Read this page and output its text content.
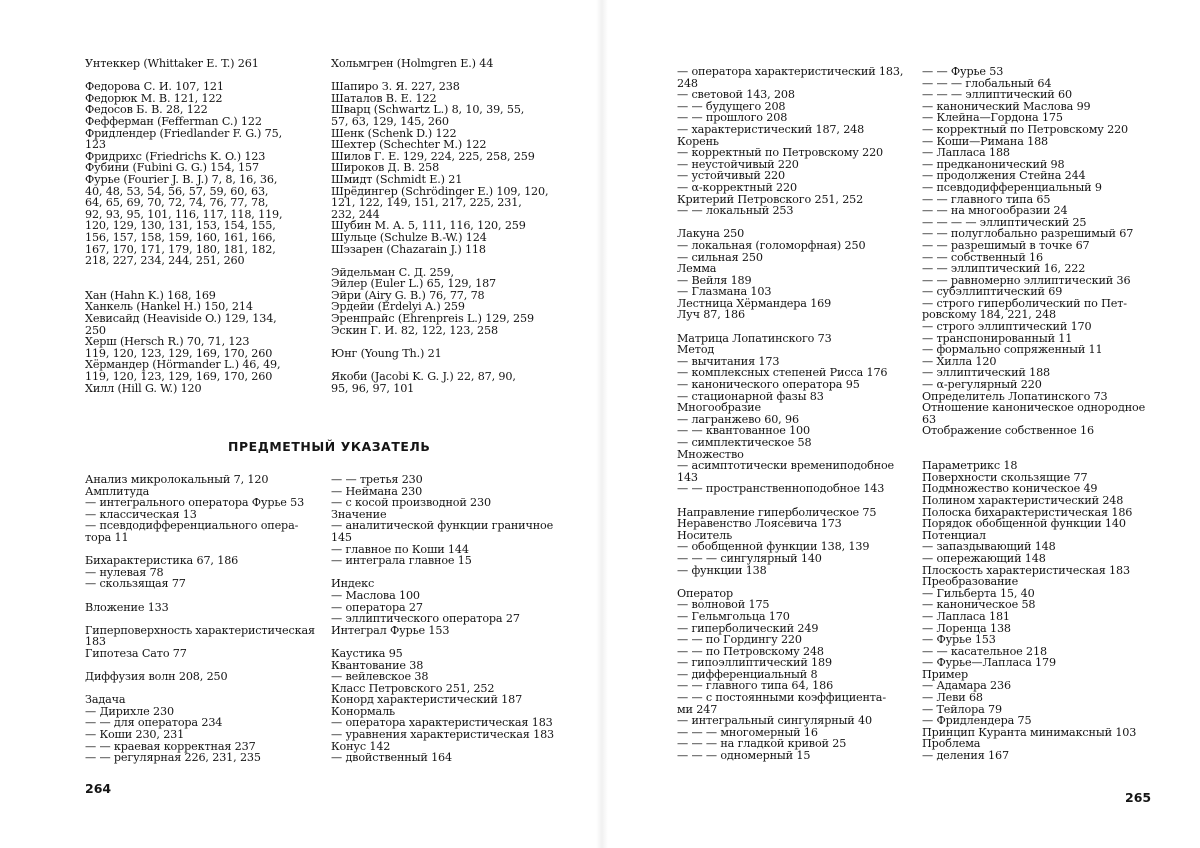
Унтеккер (Whittaker E. T.) 261
Федорова С. И. 107, 121
Федорюк М. В. 121, 122
Федосов Б. В. 28, 122
Фефферман (Fefferman C.) 122
Фридлендер (Friedlander F. G.) 75,
123
Фридрихс (Friedrichs K. O.) 123
Фубини (Fubini G. G.) 154, 157
Фурье (Fourier J. B. J.) 7, 8, 16, 36,
40, 48, 53, 54, 56, 57, 59, 60, 63,
64, 65, 69, 70, 72, 74, 76, 77, 78,
92, 93, 95, 101, 116, 117, 118, 119,
120, 129, 130, 131, 153, 154, 155,
156, 157, 158, 159, 160, 161, 166,
167, 170, 171, 179, 180, 181, 182,
218, 227, 234, 244, 251, 260
Хан (Hahn K.) 168, 169
Ханкель (Hankel H.) 150, 214
Хевисайд (Heaviside O.) 129, 134,
250
Херш (Hersch R.) 70, 71, 123
119, 120, 123, 129, 169, 170, 260
Хёрмандер (Hörmander L.) 46, 49,
119, 120, 123, 129, 169, 170, 260
Хилл (Hill G. W.) 120
Хольмгрен (Holmgren E.) 44
Шапиро З. Я. 227, 238
Шаталов В. Е. 122
Шварц (Schwartz L.) 8, 10, 39, 55,
57, 63, 129, 145, 260
Шенк (Schenk D.) 122
Шехтер (Schechter M.) 122
Шилов Г. Е. 129, 224, 225, 258, 259
Широков Д. В. 258
Шмидт (Schmidt E.) 21
Шрёдингер (Schrödinger E.) 109, 120,
121, 122, 149, 151, 217, 225, 231,
232, 244
Шубин М. А. 5, 111, 116, 120, 259
Шульце (Schulze B.-W.) 124
Шэзарен (Chazarain J.) 118
Эйдельман С. Д. 259,
Эйлер (Euler L.) 65, 129, 187
Эйри (Airy G. B.) 76, 77, 78
Эрдейи (Erdelyi A.) 259
Эренпрайс (Ehrenpreis L.) 129, 259
Эскин Г. И. 82, 122, 123, 258
Юнг (Young Th.) 21
Якоби (Jacobi K. G. J.) 22, 87, 90,
95, 96, 97, 101
ПРЕДМЕТНЫЙ УКАЗАТЕЛЬ
Анализ микролокальный 7, 120
Амплитуда
— интегрального оператора Фурье 53
— классическая 13
— псевдодифференциального опера-
тора 11
Бихарактеристика 67, 186
— нулевая 78
— скользящая 77
Вложение 133
Гиперповерхность характеристическая
183
Гипотеза Сато 77
Диффузия волн 208, 250
Задача
— Дирихле 230
— — для оператора 234
— Коши 230, 231
— — краевая корректная 237
— — регулярная 226, 231, 235
— — третья 230
— Неймана 230
— с косой производной 230
Значение
— аналитической функции граничное
145
— главное по Коши 144
— интеграла главное 15
Индекс
— Маслова 100
— оператора 27
— эллиптического оператора 27
Интеграл Фурье 153
Каустика 95
Квантование 38
— вейлевское 38
Класс Петровского 251, 252
Конорд характеристический 187
Конормаль
— оператора характеристическая 183
— уравнения характеристическая 183
Конус 142
— двойственный 164
264
— оператора характеристический 183,
248
— световой 143, 208
— — будущего 208
— — прошлого 208
— характеристический 187, 248
Корень
— корректный по Петровскому 220
— неустойчивый 220
— устойчивый 220
— α-корректный 220
Критерий Петровского 251, 252
— — локальный 253
Лакуна 250
— локальная (голоморфная) 250
— сильная 250
Лемма
— Вейля 189
— Глазмана 103
Лестница Хёрмандера 169
Луч 87, 186
Матрица Лопатинского 73
Метод
— вычитания 173
— комплексных степеней Рисса 176
— канонического оператора 95
— стационарной фазы 83
Многообразие
— лагранжево 60, 96
— — квантованное 100
— симплектическое 58
Множество
— асимптотически времениподобное
143
— — пространственноподобное 143
Направление гиперболическое 75
Неравенство Лоясевича 173
Носитель
— обобщенной функции 138, 139
— — — сингулярный 140
— функции 138
Оператор
— волновой 175
— Гельмгольца 170
— гиперболический 249
— — по Гордингу 220
— — по Петровскому 248
— гипоэллиптический 189
— дифференциальный 8
— — главного типа 64, 186
— — с постоянными коэффициента-
ми 247
— интегральный сингулярный 40
— — — многомерный 16
— — — на гладкой кривой 25
— — — одномерный 15
— — Фурье 53
— — — глобальный 64
— — — эллиптический 60
— канонический Маслова 99
— Клейна—Гордона 175
— корректный по Петровскому 220
— Коши—Римана 188
— Лапласа 188
— предканонический 98
— продолжения Стейна 244
— псевдодифференциальный 9
— — главного типа 65
— — на многообразии 24
— — — — эллиптический 25
— — полуглобально разрешимый 67
— — разрешимый в точке 67
— — собственный 16
— — эллиптический 16, 222
— — равномерно эллиптический 36
— субэллиптический 69
— строго гиперболический по Пет-
ровскому 184, 221, 248
— строго эллиптический 170
— транспонированный 11
— формально сопряженный 11
— Хилла 120
— эллиптический 188
— α-регулярный 220
Определитель Лопатинского 73
Отношение каноническое однородное
63
Отображение собственное 16
Параметрикс 18
Поверхности скользящие 77
Подмножество коническое 49
Полином характеристический 248
Полоска бихарактеристическая 186
Порядок обобщенной функции 140
Потенциал
— запаздывающий 148
— опережающий 148
Плоскость характеристическая 183
Преобразование
— Гильберта 15, 40
— каноническое 58
— Лапласа 181
— Лоренца 138
— Фурье 153
— — касательное 218
— Фурье—Лапласа 179
Пример
— Адамара 236
— Леви 68
— Тейлора 79
— Фридлендера 75
Принцип Куранта минимаксный 103
Проблема
— деления 167
265
